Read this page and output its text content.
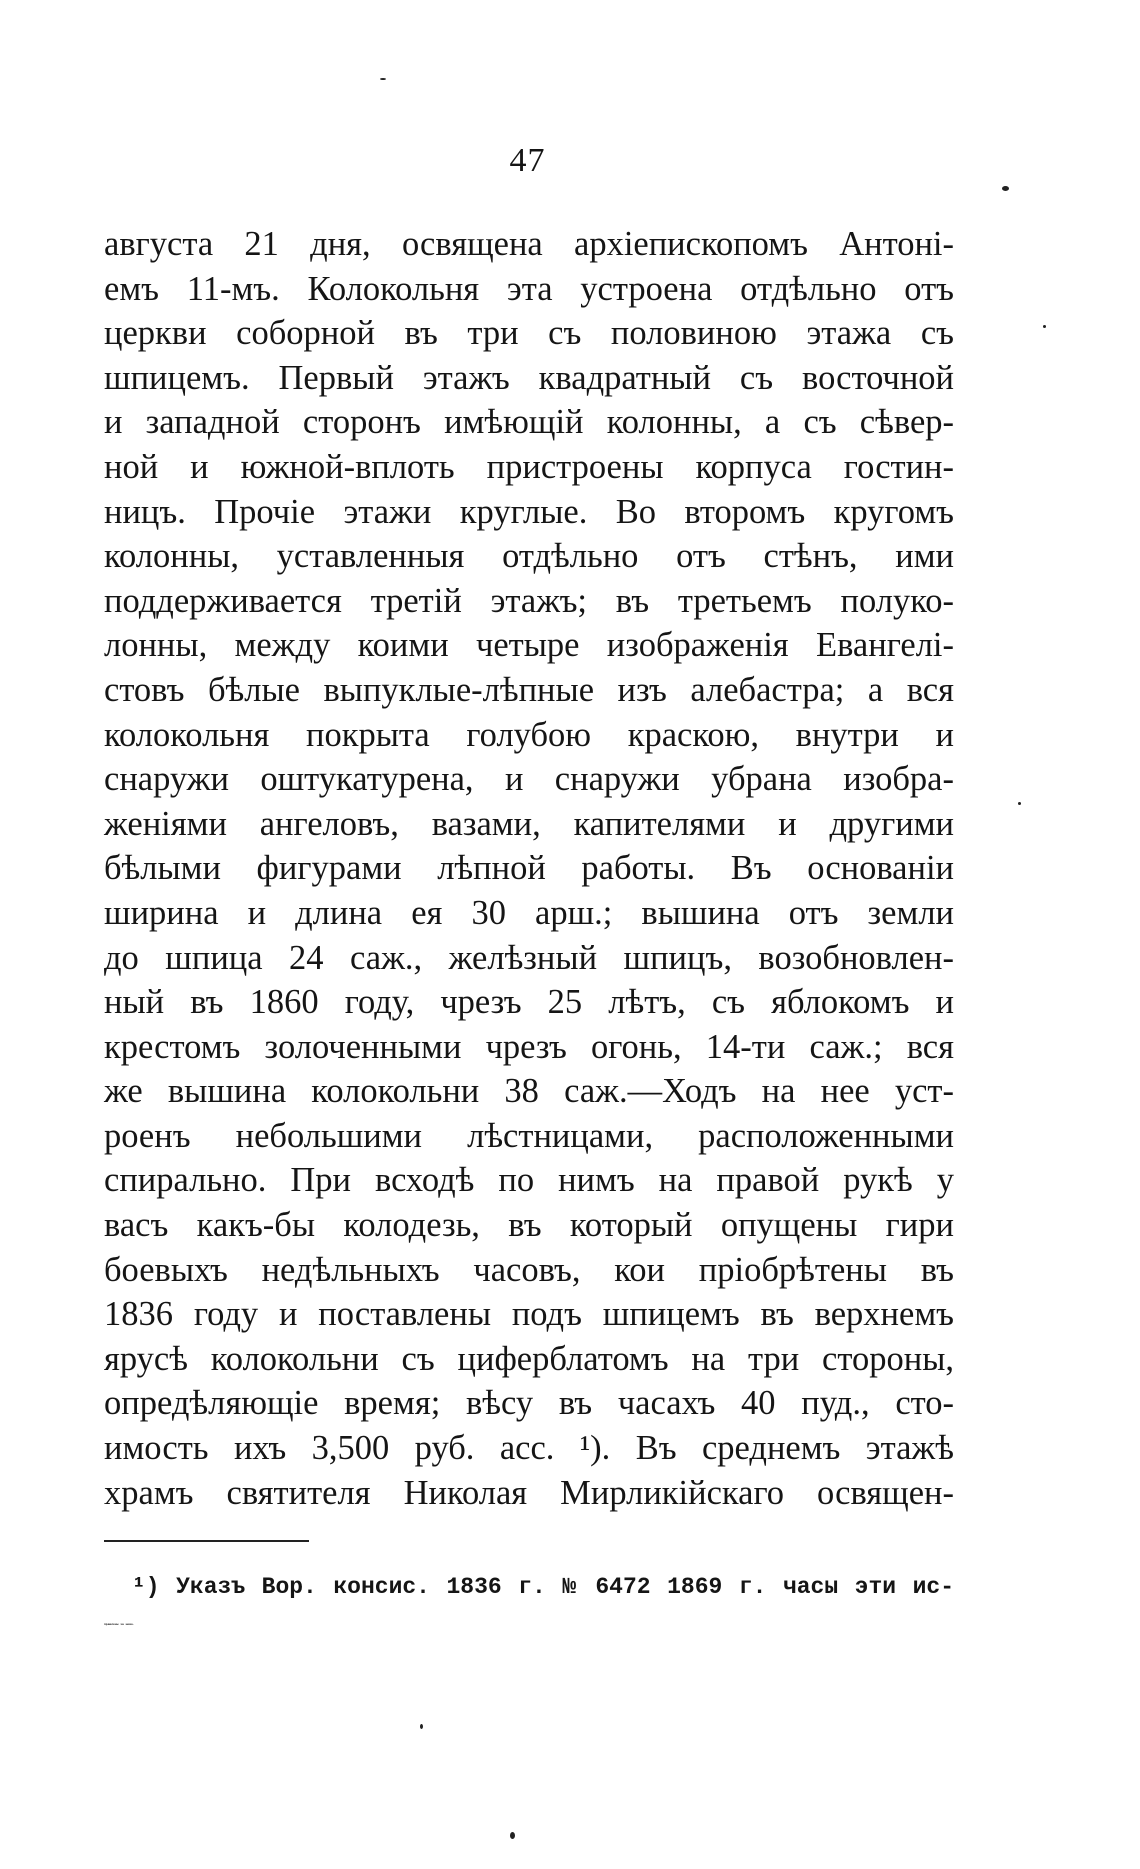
47
августа 21 дня, освящена архіепископомъ Антоні-
емъ 11-мъ. Колокольня эта устроена отдѣльно отъ
церкви соборной въ три съ половиною этажа съ
шпицемъ. Первый этажъ квадратный съ восточной
и западной сторонъ имѣющій колонны, а съ сѣвер-
ной и южной-вплоть пристроены корпуса гостин-
ницъ. Прочіе этажи круглые. Во второмъ кругомъ
колонны, уставленныя отдѣльно отъ стѣнъ, ими
поддерживается третій этажъ; въ третьемъ полуко-
лонны, между коими четыре изображенія Евангелі-
стовъ бѣлые выпуклые-лѣпные изъ алебастра; а вся
колокольня покрыта голубою краскою, внутри и
снаружи оштукатурена, и снаружи убрана изобра-
женіями ангеловъ, вазами, капителями и другими
бѣлыми фигурами лѣпной работы. Въ основаніи
ширина и длина ея 30 арш.; вышина отъ земли
до шпица 24 саж., желѣзный шпицъ, возобновлен-
ный въ 1860 году, чрезъ 25 лѣтъ, съ яблокомъ и
крестомъ золоченными чрезъ огонь, 14-ти саж.; вся
же вышина колокольни 38 саж.—Ходъ на нее уст-
роенъ небольшими лѣстницами, расположенными
спирально. При всходѣ по нимъ на правой рукѣ у
васъ какъ-бы колодезь, въ который опущены гири
боевыхъ недѣльныхъ часовъ, кои пріобрѣтены въ
1836 году и поставлены подъ шпицемъ въ верхнемъ
ярусѣ колокольни съ циферблатомъ на три стороны,
опредѣляющіе время; вѣсу въ часахъ 40 пуд., сто-
имость ихъ 3,500 руб. асс. ¹). Въ среднемъ этажѣ
храмъ святителя Николая Мирликійскаго освящен-
¹) Указъ Вор. консис. 1836 г. № 6472 1869 г. часы эти ис-
правлены за ново.
